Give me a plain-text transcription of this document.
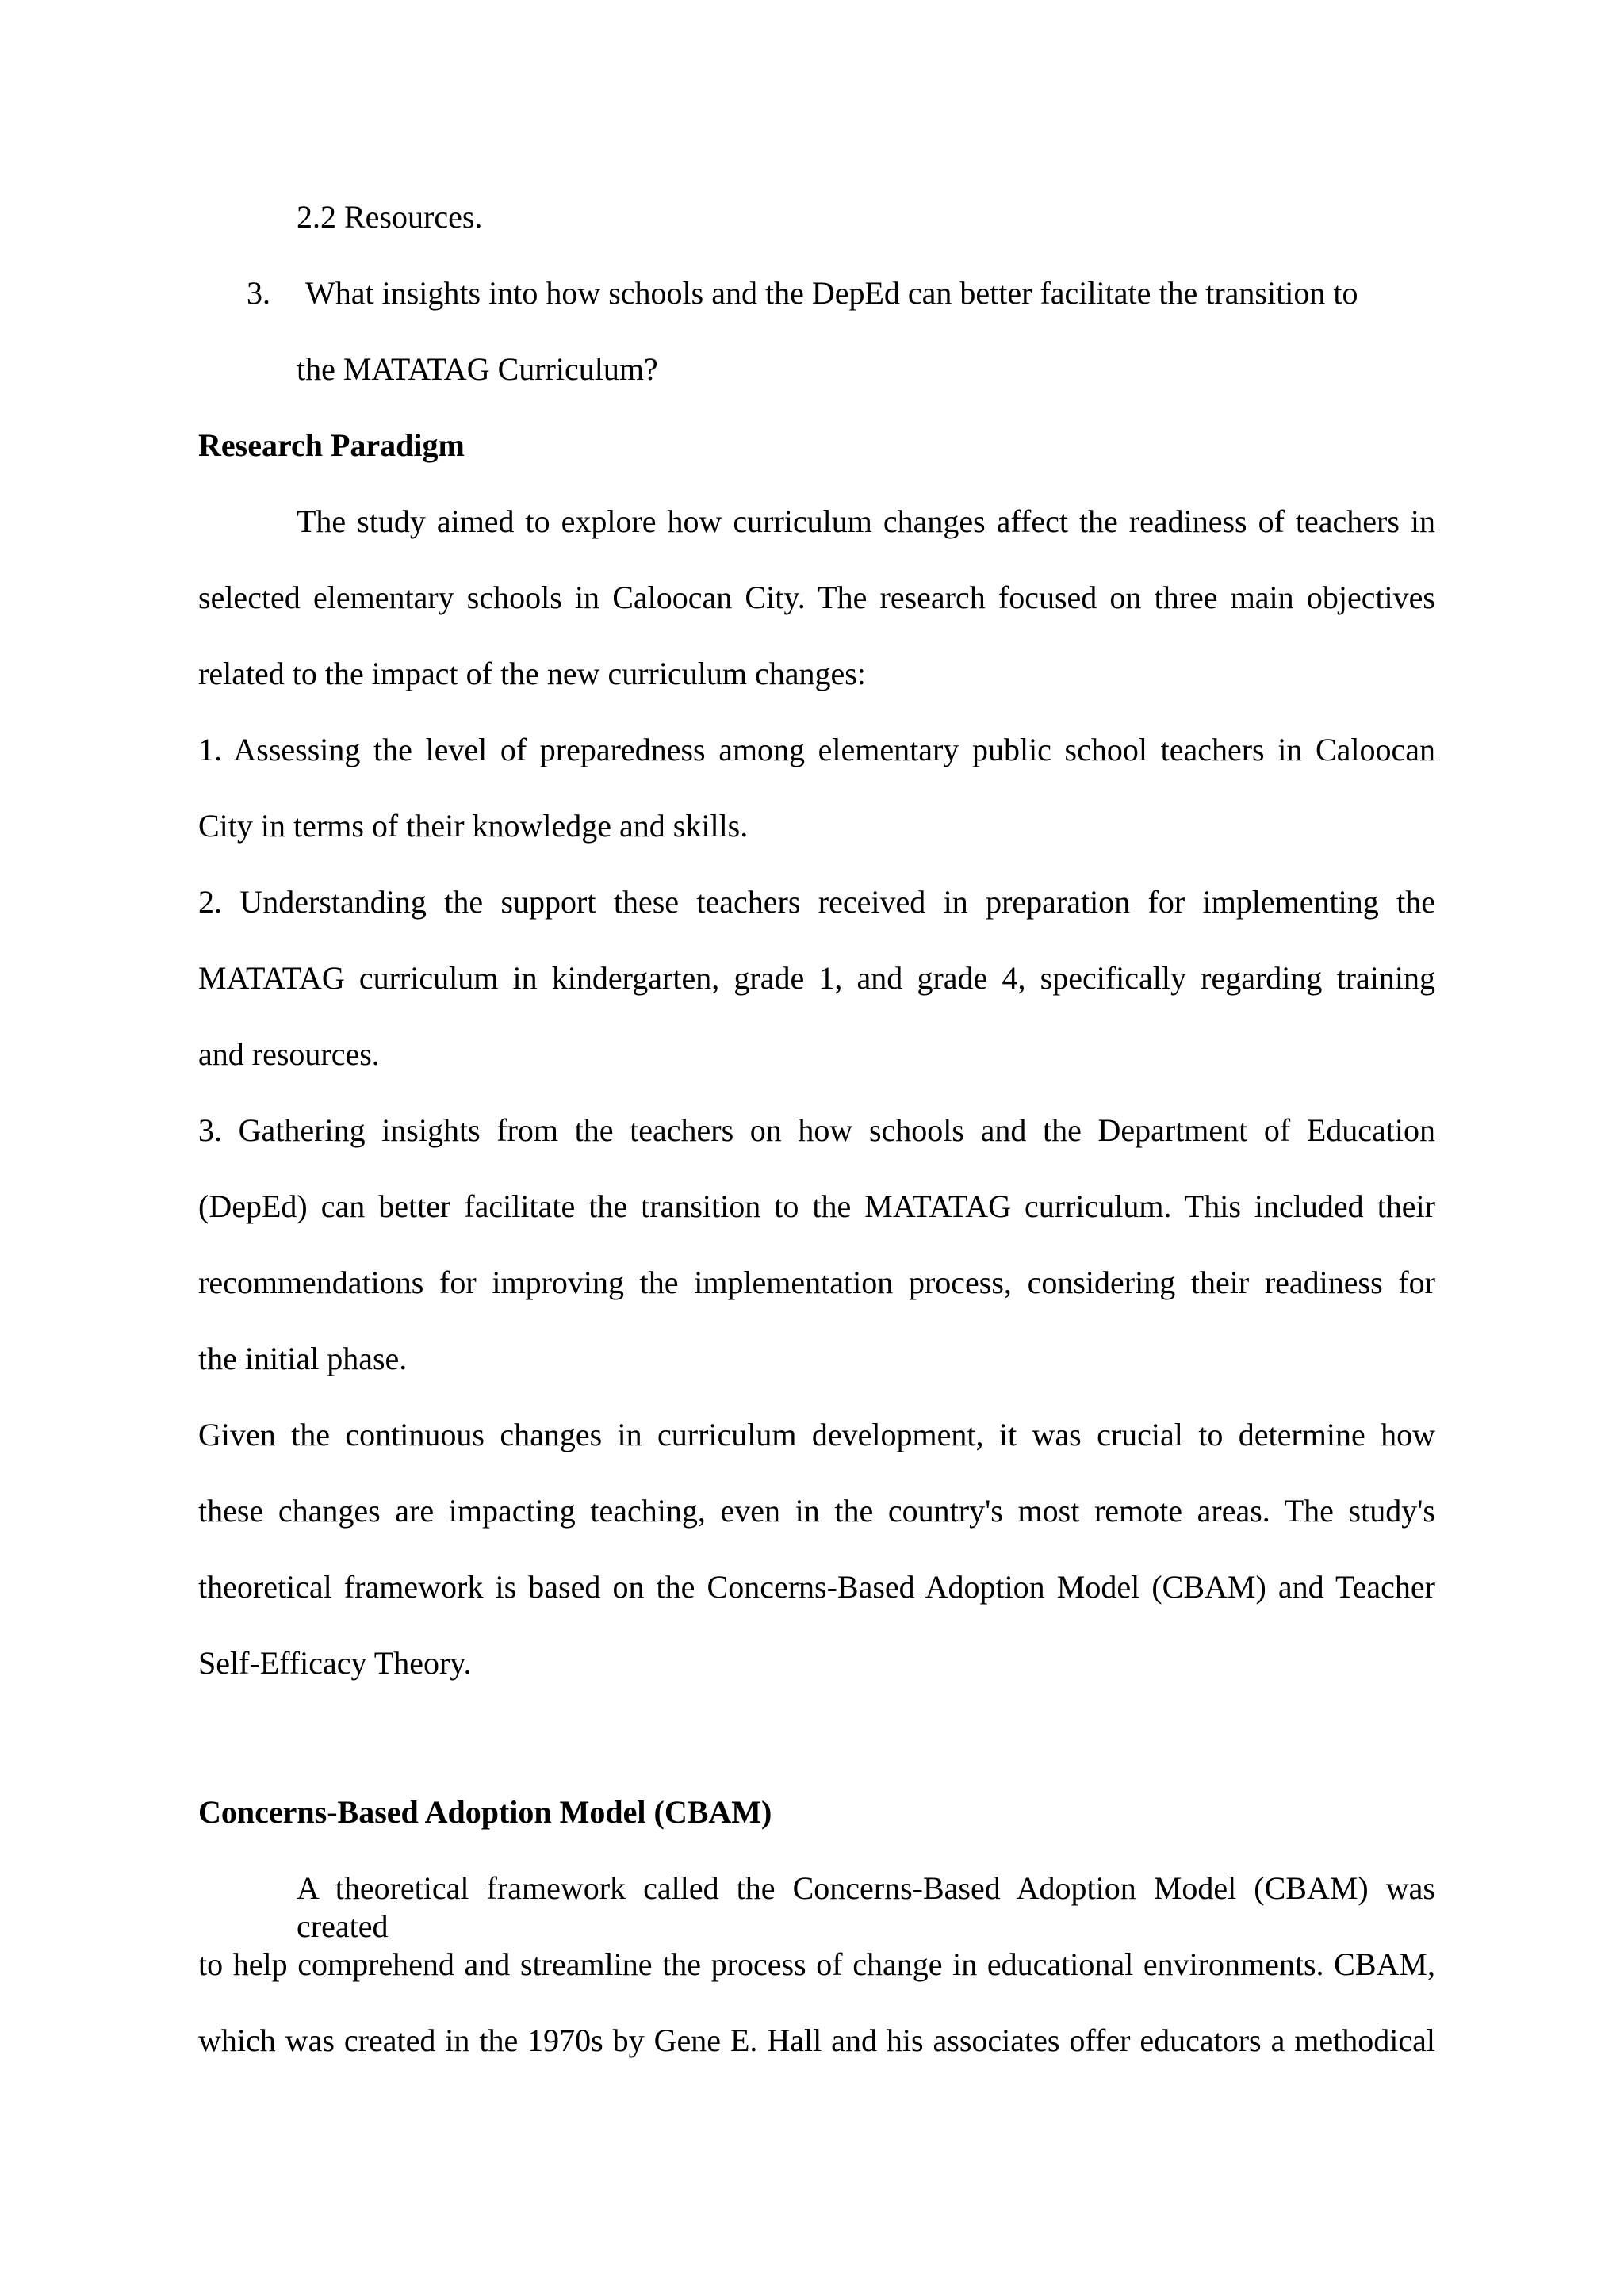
2.2 Resources.

3. What insights into how schools and the DepEd can better facilitate the transition to

the MATATAG Curriculum?

Research Paradigm

The study aimed to explore how curriculum changes affect the readiness of teachers in

selected elementary schools in Caloocan City. The research focused on three main objectives

related to the impact of the new curriculum changes:

1. Assessing the level of preparedness among elementary public school teachers in Caloocan

City in terms of their knowledge and skills.

2. Understanding the support these teachers received in preparation for implementing the

MATATAG curriculum in kindergarten, grade 1, and grade 4, specifically regarding training

and resources.

3. Gathering insights from the teachers on how schools and the Department of Education

(DepEd) can better facilitate the transition to the MATATAG curriculum. This included their

recommendations for improving the implementation process, considering their readiness for

the initial phase.

Given the continuous changes in curriculum development, it was crucial to determine how

these changes are impacting teaching, even in the country's most remote areas. The study's

theoretical framework is based on the Concerns-Based Adoption Model (CBAM) and Teacher

Self-Efficacy Theory.

Concerns-Based Adoption Model (CBAM)

A theoretical framework called the Concerns-Based Adoption Model (CBAM) was created

to help comprehend and streamline the process of change in educational environments. CBAM,

which was created in the 1970s by Gene E. Hall and his associates offer educators a methodical
